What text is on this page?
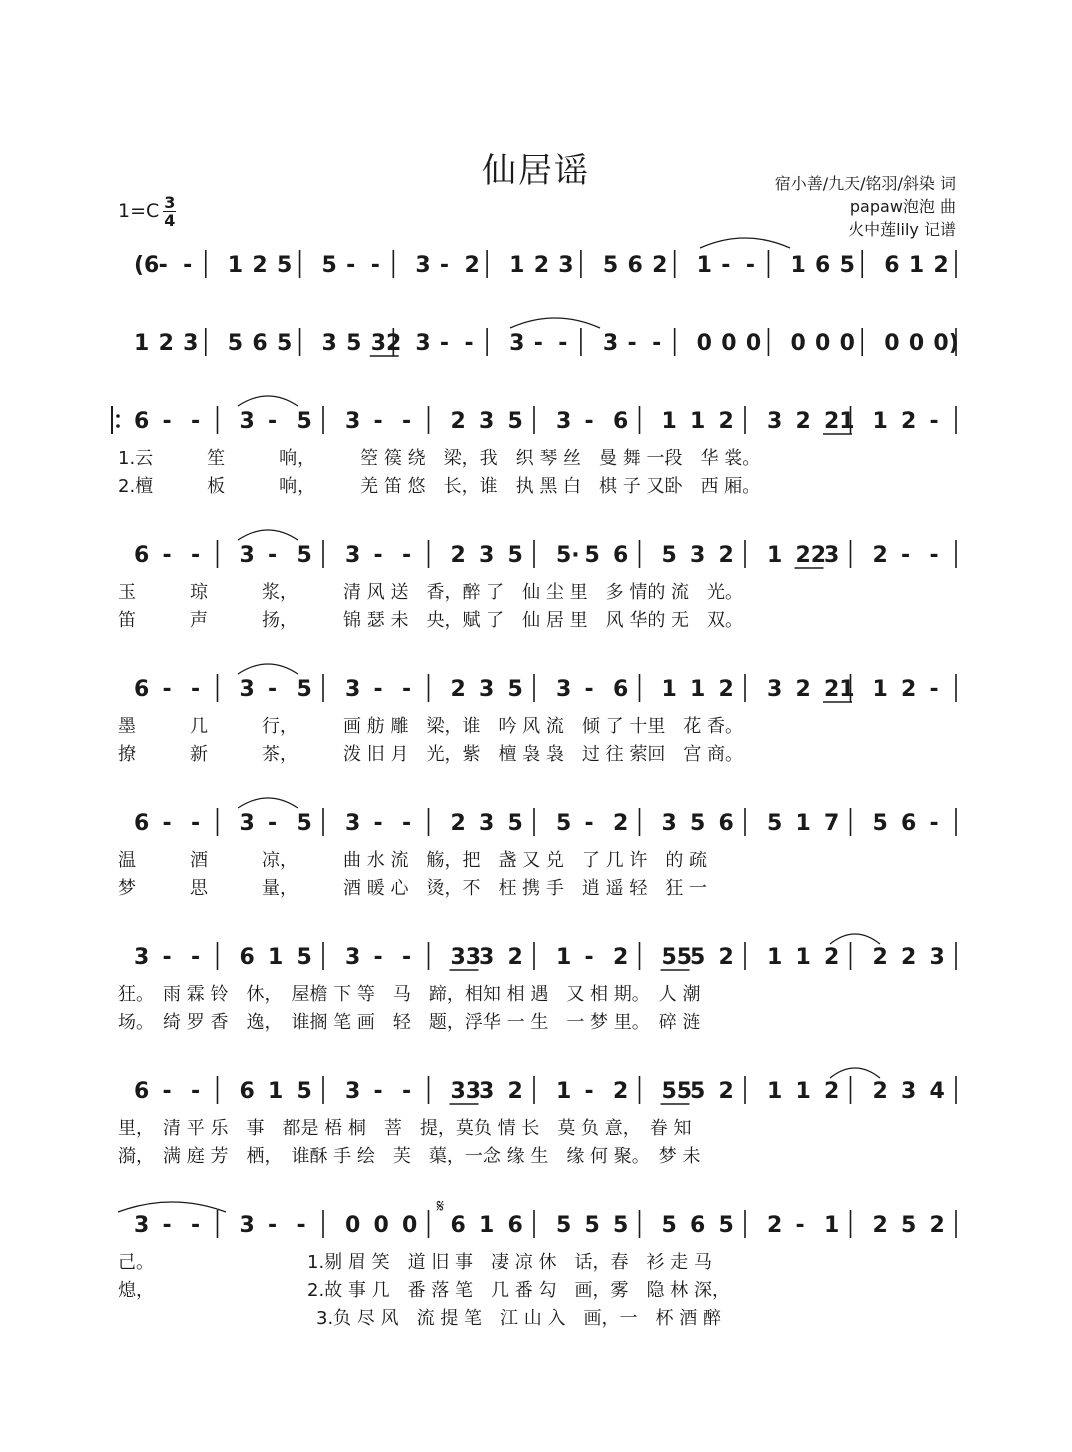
仙居谣	宿小善/九天/铭羽/斜染 词
papaw泡泡 曲
火中莲lily 记谱
$1=C \frac{3}{4}$
(6 - - 1 2 5 5 - - 3 - 2 1 2 3 5 6 2 1 - - 1 6 5 6 1 2
1 2 3 5 6 5 3 5 32 3 - - 3 - - 3 - - 0 0 0 0 0 0 0 0 0)
6 - - 3 - 5 3 - - 2 3 5 3 - 6 1 1 2 3 2 21 1 2 -
6 - - 3 - 5 3 - - 2 3 5 5· 5 6 5 3 2 1 22
3 2 - -
6 - - 3 - 5 3 - - 2 3 5 3 - 6 1 1 2 3 2 21 1 2 -
6 - - 3 - 5 3 - - 2 3 5 5 - 2 3 5 6 5 1 7 5 6 -
3 - - 6 1 5 3 - - 33
3 2 1 - 2 55
5 2 1 1 2 2 2 3
6 - - 6 1 5 3 - - 33
3 2 1 - 2 55
5 2 1 1 2 2 3 4
3 - - 3 - - 0 0 0 6 1 6 5 5 5 5 6 5 2 - 1 2 5 2
𝄋
1.云　　　笙　　　响，　　　箜 篌 绕　梁，我　织 琴 丝　曼 舞 一段　华 裳。
2.檀　　　板　　　响，　　　羌 笛 悠　长，谁　执 黑 白　棋 子 又卧　西 厢。
玉　　　琼　　　浆，　　　清 风 送　香，醉 了　仙 尘 里　多 情的 流　光。
笛　　　声　　　扬，　　　锦 瑟 未　央，赋 了　仙 居 里　风 华的 无　双。
墨　　　几　　　行，　　　画 舫 雕　梁，谁　吟 风 流　倾 了 十里　花 香。
撩　　　新　　　茶，　　　泼 旧 月　光，紫　檀 袅 袅　过 往 萦回　宫 商。
温　　　酒　　　凉，　　　曲 水 流　觞，把　盏 又 兑　了 几 许　的 疏
梦　　　思　　　量，　　　酒 暖 心　烫，不　枉 携 手　逍 遥 轻　狂 一
狂。　雨 霖 铃　休，　屋檐 下 等　马　蹄，相知 相 遇　又 相 期。　人 潮
场。　绮 罗 香　逸，　谁搁 笔 画　轻　题，浮华 一 生　一 梦 里。　碎 涟
里，　清 平 乐　事　都是 梧 桐　菩　提，莫负 情 长　莫 负 意，　眷 知
漪，　满 庭 芳　栖，　谁酥 手 绘　芙　蕖，一念 缘 生　缘 何 聚。　梦 未
己。　　　　　　　　　1.剔 眉 笑　道 旧 事　凄 凉 休　话，春　衫 走 马
熄，　　　　　　　　　2.故 事 几　番 落 笔　几 番 勾　画，雾　隐 林 深，
　　　　　　　　　　　3.负 尽 风　流 提 笔　江 山 入　画，一　杯 酒 醉
